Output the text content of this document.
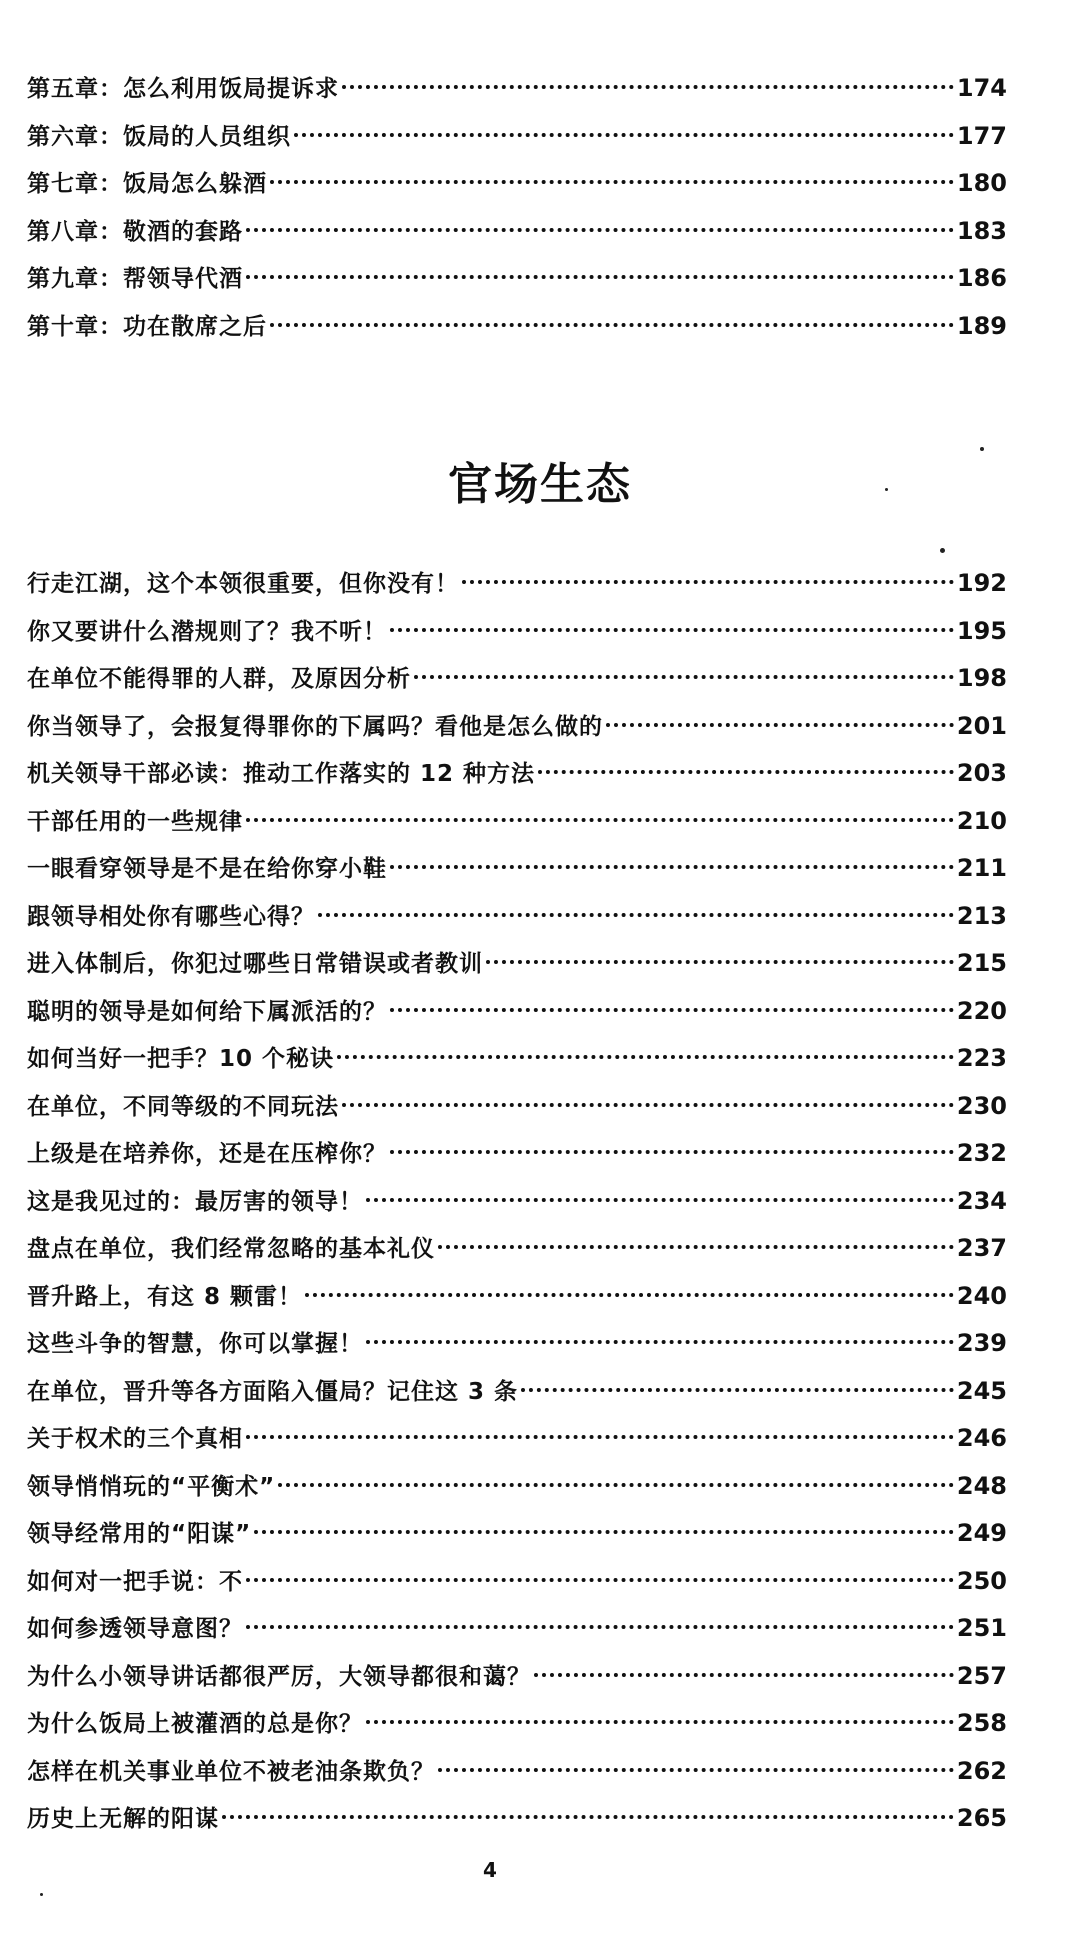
第五章：怎么利用饭局提诉求	174
第六章：饭局的人员组织	177
第七章：饭局怎么躲酒	180
第八章：敬酒的套路	183
第九章：帮领导代酒	186
第十章：功在散席之后	189
官场生态
行走江湖，这个本领很重要，但你没有！	192
你又要讲什么潜规则了？我不听！	195
在单位不能得罪的人群，及原因分析	198
你当领导了，会报复得罪你的下属吗？看他是怎么做的	201
机关领导干部必读：推动工作落实的 12 种方法	203
干部任用的一些规律	210
一眼看穿领导是不是在给你穿小鞋	211
跟领导相处你有哪些心得？	213
进入体制后，你犯过哪些日常错误或者教训	215
聪明的领导是如何给下属派活的？	220
如何当好一把手？10 个秘诀	223
在单位，不同等级的不同玩法	230
上级是在培养你，还是在压榨你？	232
这是我见过的：最厉害的领导！	234
盘点在单位，我们经常忽略的基本礼仪	237
晋升路上，有这 8 颗雷！	240
这些斗争的智慧，你可以掌握！	239
在单位，晋升等各方面陷入僵局？记住这 3 条	245
关于权术的三个真相	246
领导悄悄玩的“平衡术”	248
领导经常用的“阳谋”	249
如何对一把手说：不	250
如何参透领导意图？	251
为什么小领导讲话都很严厉，大领导都很和蔼？	257
为什么饭局上被灌酒的总是你？	258
怎样在机关事业单位不被老油条欺负？	262
历史上无解的阳谋	265
4
